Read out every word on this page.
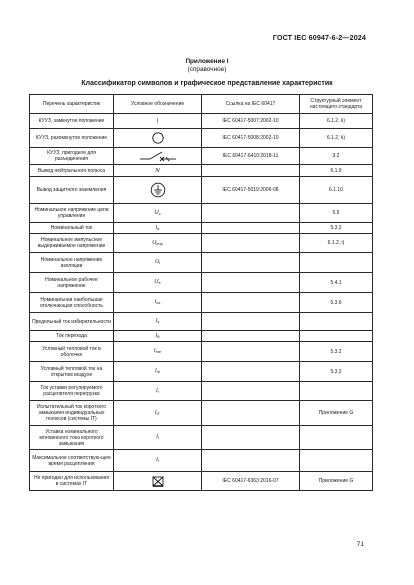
ГОСТ IEC 60947-6-2—2024
Приложение I
(справочное)
Классификатор символов и графическое представление характеристик
Перечень характеристик	Условное обозначение	Ссылка на IEC 60417	Структурный элемент настоящего стандарта
КУУЗ, замкнутое положение	|	IEC 60417-5007:2002-10	6.1.2, k)
КУУЗ, разомкнутое положение		IEC 60417-5008:2002-10	6.1.2, k)
КУУЗ, пригодное для разъединения		IEC 60417-6410:2018-11	3.2
Вывод нейтрального полюса	N		6.1.9
Вывод защитного заземления		IEC 60417-5019:2006-08	6.1.10
Номинальное напряжение цепи управления	$U_c$		5.5
Номинальный ток	$I_e$		5.3.2
Номинальное импульсное выдерживаемое напряжение	$U_{imp}$		6.1.2, i)
Номинальное напряжение изоляции	$U_i$		
Номинальное рабочее напряжение	$U_e$		5.4.1
Номинальная наибольшая отключающая способность	$I_{cs}$		5.3.6
Предельный ток избирательности	$I_s$		
Ток перехода	$I_B$		
Условный тепловой ток в оболочке	$I_{the}$		5.3.2
Условный тепловой ток на открытом воздухе	$I_{th}$		5.3.2
Ток уставки регулируемого расцепителя перегрузки	$I_r$		
Испытательный ток короткого замыкания индивидуальных полюсов (системы IT)	$I_{IT}$		Приложение G
Уставка номинального мгновенного тока короткого замыкания	$I_i$		
Максимальное соответствую-щее время расцепления	$t_i$		
Не пригоден для использования в системах IT		IEC 60417-6363:2016-07	Приложение G
71
